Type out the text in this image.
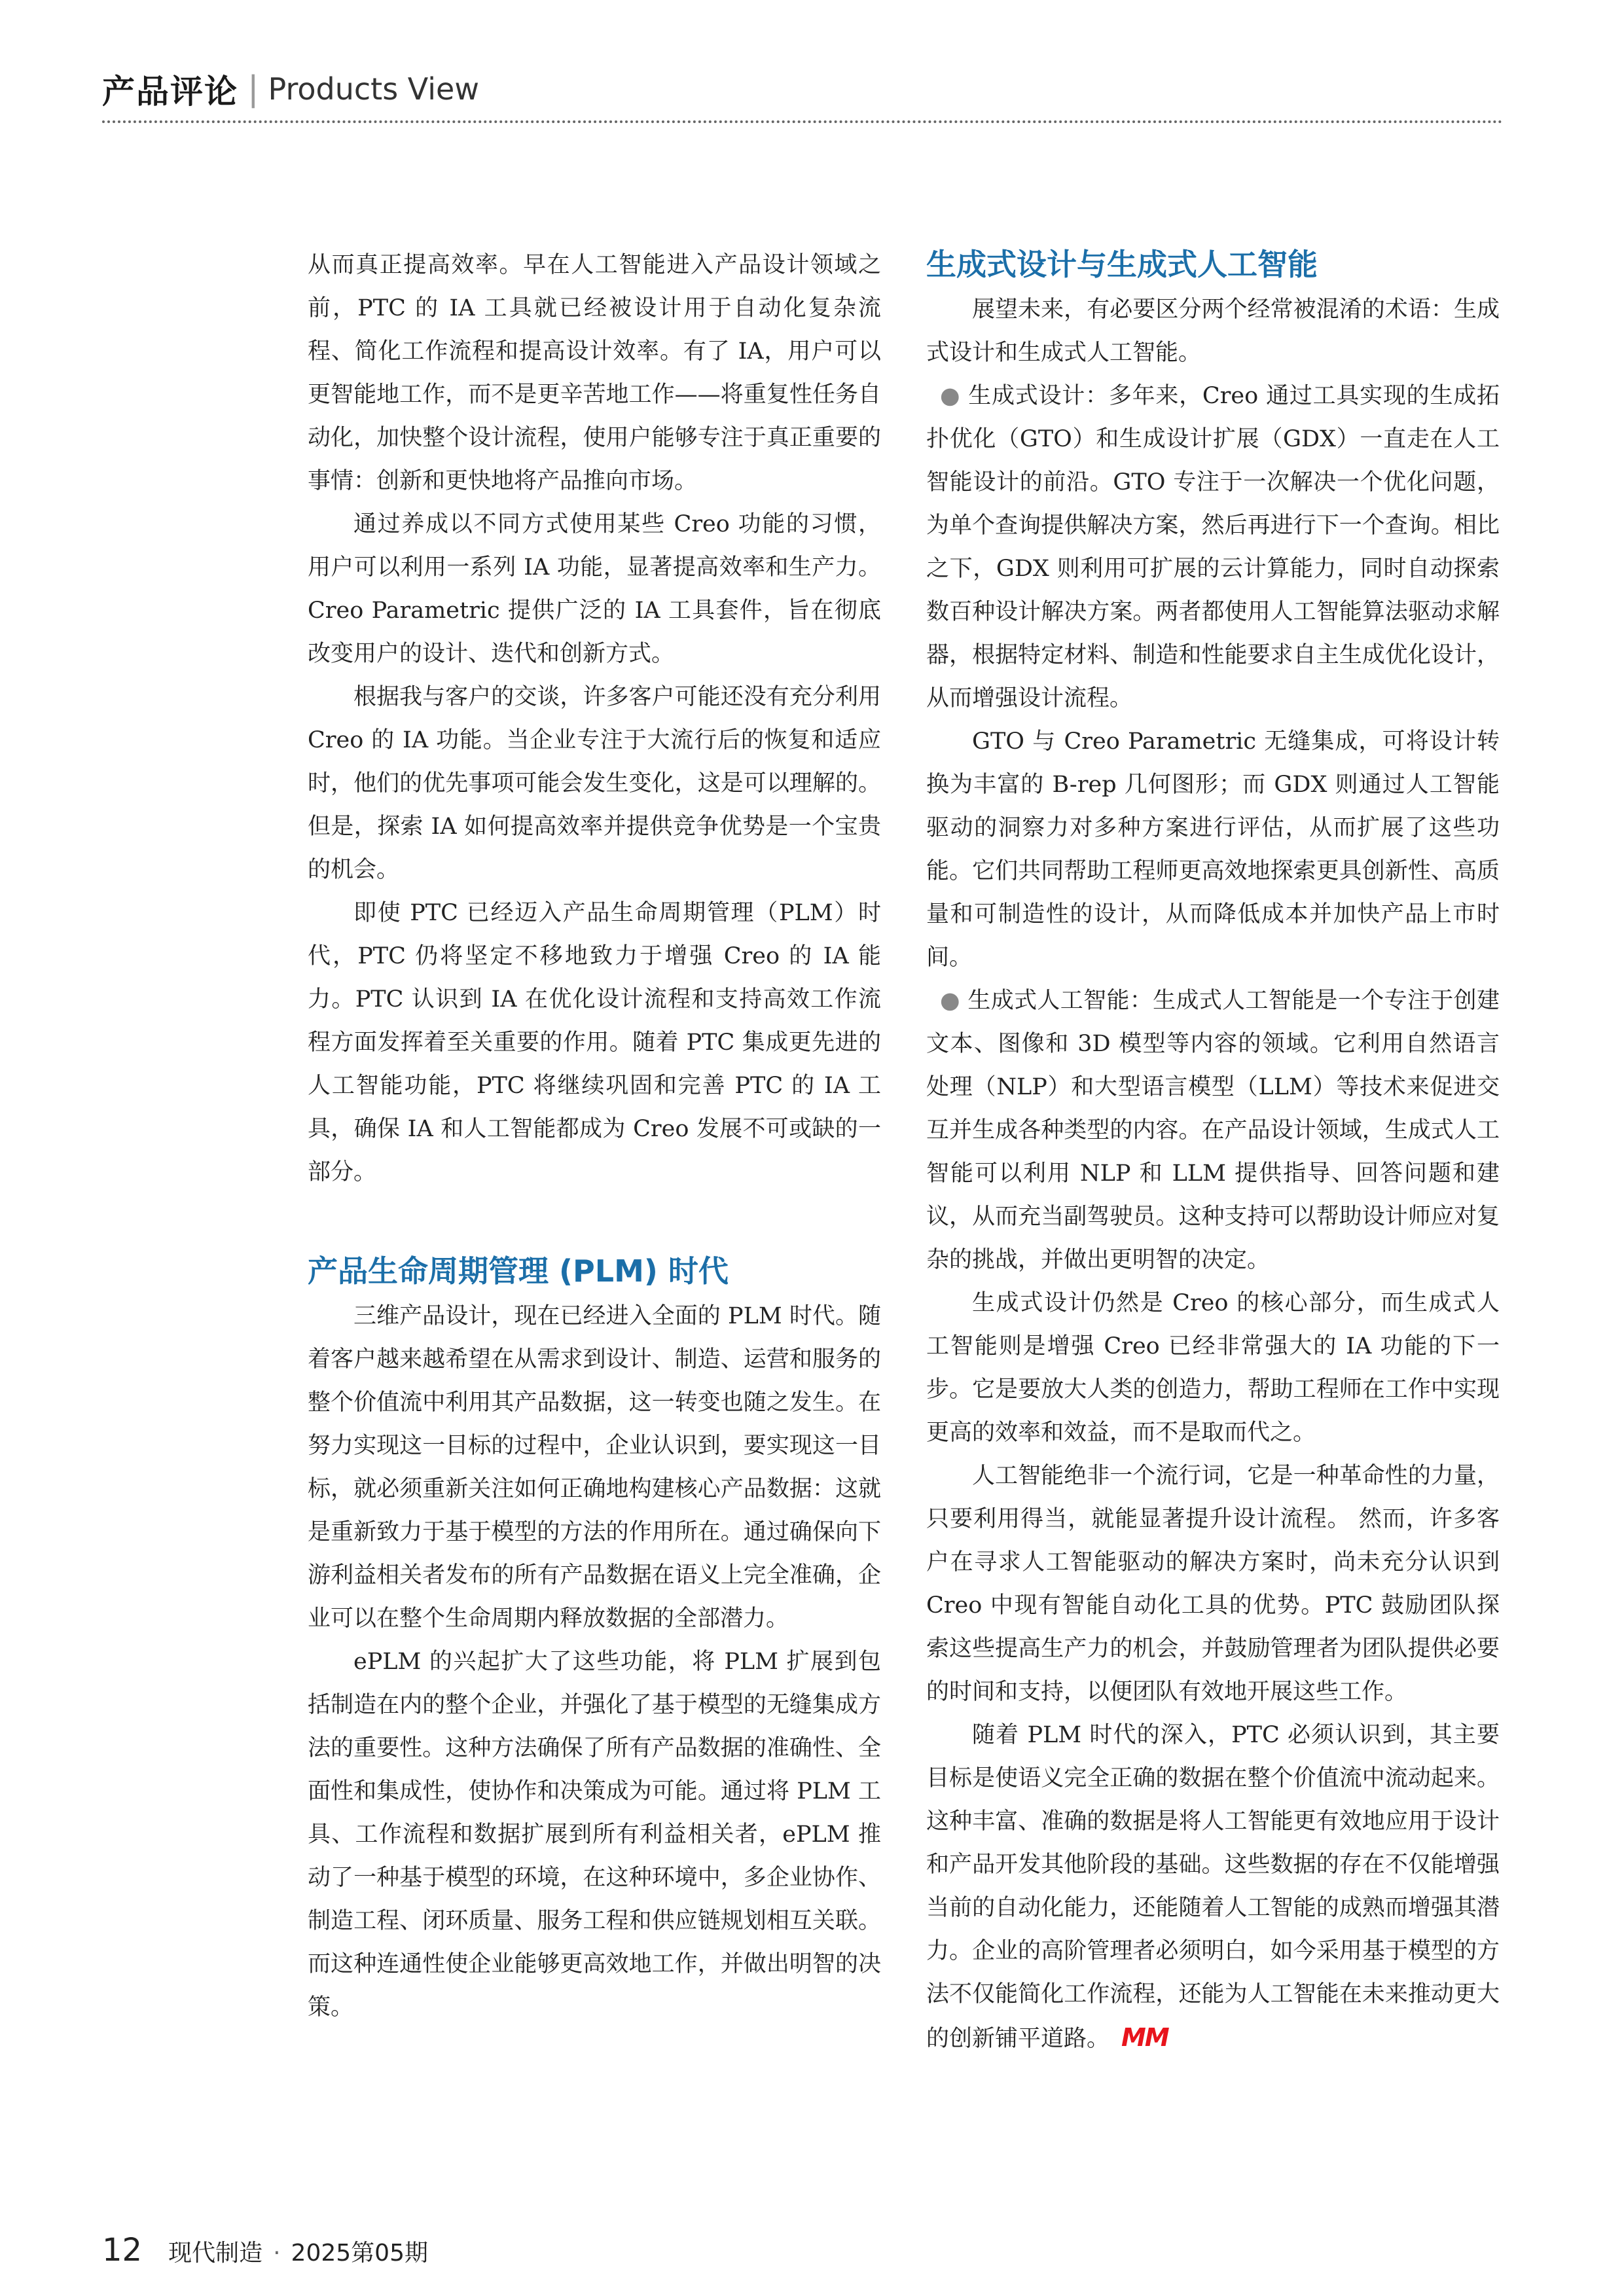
产品评论 | Products View

从而真正提高效率。早在人工智能进入产品设计领域之前，PTC 的 IA 工具就已经被设计用于自动化复杂流程、简化工作流程和提高设计效率。有了 IA，用户可以更智能地工作，而不是更辛苦地工作——将重复性任务自动化，加快整个设计流程，使用户能够专注于真正重要的事情：创新和更快地将产品推向市场。

通过养成以不同方式使用某些 Creo 功能的习惯，用户可以利用一系列 IA 功能，显著提高效率和生产力。 Creo Parametric 提供广泛的 IA 工具套件，旨在彻底改变用户的设计、迭代和创新方式。

根据我与客户的交谈，许多客户可能还没有充分利用 Creo 的 IA 功能。当企业专注于大流行后的恢复和适应时，他们的优先事项可能会发生变化，这是可以理解的。但是，探索 IA 如何提高效率并提供竞争优势是一个宝贵的机会。

即使 PTC 已经迈入产品生命周期管理（PLM）时代，PTC 仍将坚定不移地致力于增强 Creo 的 IA 能力。PTC 认识到 IA 在优化设计流程和支持高效工作流程方面发挥着至关重要的作用。随着 PTC 集成更先进的人工智能功能，PTC 将继续巩固和完善 PTC 的 IA 工具，确保 IA 和人工智能都成为 Creo 发展不可或缺的一部分。

产品生命周期管理 (PLM) 时代

三维产品设计，现在已经进入全面的 PLM 时代。随着客户越来越希望在从需求到设计、制造、运营和服务的整个价值流中利用其产品数据，这一转变也随之发生。在努力实现这一目标的过程中，企业认识到，要实现这一目标，就必须重新关注如何正确地构建核心产品数据：这就是重新致力于基于模型的方法的作用所在。通过确保向下游利益相关者发布的所有产品数据在语义上完全准确，企业可以在整个生命周期内释放数据的全部潜力。

ePLM 的兴起扩大了这些功能，将 PLM 扩展到包括制造在内的整个企业，并强化了基于模型的无缝集成方法的重要性。这种方法确保了所有产品数据的准确性、全面性和集成性，使协作和决策成为可能。通过将 PLM 工具、工作流程和数据扩展到所有利益相关者，ePLM 推动了一种基于模型的环境，在这种环境中，多企业协作、制造工程、闭环质量、服务工程和供应链规划相互关联。而这种连通性使企业能够更高效地工作，并做出明智的决策。

生成式设计与生成式人工智能

展望未来，有必要区分两个经常被混淆的术语：生成式设计和生成式人工智能。

● 生成式设计：多年来，Creo 通过工具实现的生成拓扑优化（GTO）和生成设计扩展（GDX）一直走在人工智能设计的前沿。GTO 专注于一次解决一个优化问题，为单个查询提供解决方案，然后再进行下一个查询。相比之下，GDX 则利用可扩展的云计算能力，同时自动探索数百种设计解决方案。两者都使用人工智能算法驱动求解器，根据特定材料、制造和性能要求自主生成优化设计，从而增强设计流程。

GTO 与 Creo Parametric 无缝集成，可将设计转换为丰富的 B-rep 几何图形；而 GDX 则通过人工智能驱动的洞察力对多种方案进行评估，从而扩展了这些功能。它们共同帮助工程师更高效地探索更具创新性、高质量和可制造性的设计，从而降低成本并加快产品上市时间。

● 生成式人工智能：生成式人工智能是一个专注于创建文本、图像和 3D 模型等内容的领域。它利用自然语言处理（NLP）和大型语言模型（LLM）等技术来促进交互并生成各种类型的内容。在产品设计领域，生成式人工智能可以利用 NLP 和 LLM 提供指导、回答问题和建议，从而充当副驾驶员。这种支持可以帮助设计师应对复杂的挑战，并做出更明智的决定。

生成式设计仍然是 Creo 的核心部分，而生成式人工智能则是增强 Creo 已经非常强大的 IA 功能的下一步。它是要放大人类的创造力，帮助工程师在工作中实现更高的效率和效益，而不是取而代之。

人工智能绝非一个流行词，它是一种革命性的力量，只要利用得当，就能显著提升设计流程。 然而，许多客户在寻求人工智能驱动的解决方案时，尚未充分认识到 Creo 中现有智能自动化工具的优势。PTC 鼓励团队探索这些提高生产力的机会，并鼓励管理者为团队提供必要的时间和支持，以便团队有效地开展这些工作。

随着 PLM 时代的深入，PTC 必须认识到，其主要目标是使语义完全正确的数据在整个价值流中流动起来。这种丰富、准确的数据是将人工智能更有效地应用于设计和产品开发其他阶段的基础。这些数据的存在不仅能增强当前的自动化能力，还能随着人工智能的成熟而增强其潜力。企业的高阶管理者必须明白，如今采用基于模型的方法不仅能简化工作流程，还能为人工智能在未来推动更大的创新铺平道路。 MM

12 现代制造 · 2025第05期
